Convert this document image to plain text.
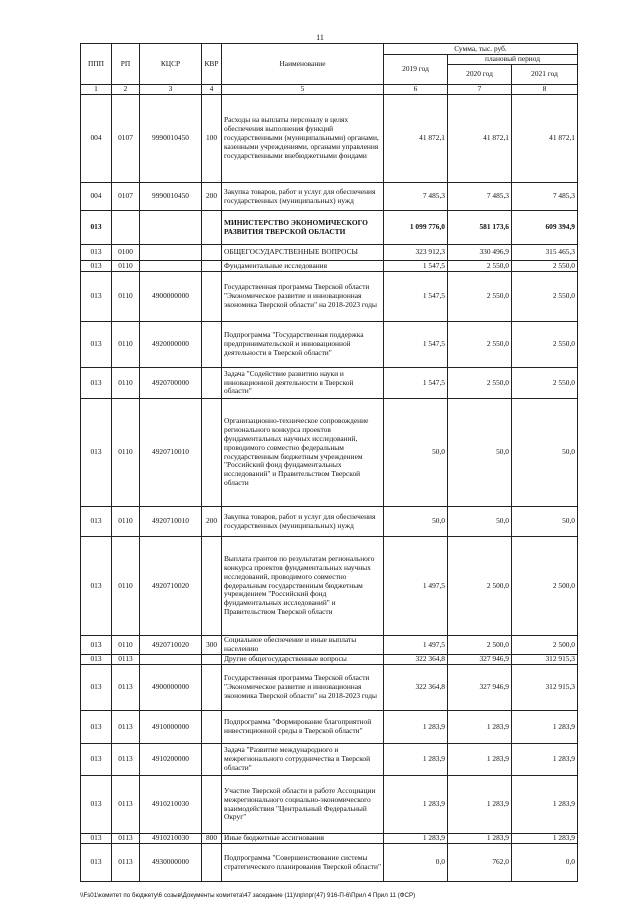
11
ППП	РП	КЦСР	КВР	Наименование	Сумма, тыс. руб.		
					2019 год	плановый период	
						2020 год	2021 год
1	2	3	4	5	6	7	8
004	0107	9990010450	100	Расходы на выплаты персоналу в целях обеспечения выполнения функций государственными (муниципальными) органами, казенными учреждениями, органами управления государственными внебюджетными фондами	41 872,1	41 872,1	41 872,1
004	0107	9990010450	200	Закупка товаров, работ и услуг для обеспечения государственных (муниципальных) нужд	7 485,3	7 485,3	7 485,3
013				МИНИСТЕРСТВО ЭКОНОМИЧЕСКОГО РАЗВИТИЯ ТВЕРСКОЙ ОБЛАСТИ	1 099 776,0	581 173,6	609 394,9
013	0100			ОБЩЕГОСУДАРСТВЕННЫЕ ВОПРОСЫ	323 912,3	330 496,9	315 465,3
013	0110			Фундаментальные исследования	1 547,5	2 550,0	2 550,0
013	0110	4900000000		Государственная программа Тверской области "Экономическое развитие и инновационная экономика Тверской области" на 2018-2023 годы	1 547,5	2 550,0	2 550,0
013	0110	4920000000		Подпрограмма "Государственная поддержка предпринимательской и инновационной деятельности в Тверской области"	1 547,5	2 550,0	2 550,0
013	0110	4920700000		Задача "Содействие развитию науки и инновационной деятельности в Тверской области"	1 547,5	2 550,0	2 550,0
013	0110	4920710010		Организационно-техническое сопровождение регионального конкурса проектов фундаментальных научных исследований, проводимого совместно федеральным государственным бюджетным учреждением "Российский фонд фундаментальных исследований" и Правительством Тверской области	50,0	50,0	50,0
013	0110	4920710010	200	Закупка товаров, работ и услуг для обеспечения государственных (муниципальных) нужд	50,0	50,0	50,0
013	0110	4920710020		Выплата грантов по результатам регионального конкурса проектов фундаментальных научных исследований, проводимого совместно федеральным государственным бюджетным учреждением "Российский фонд фундаментальных исследований" и Правительством Тверской области	1 497,5	2 500,0	2 500,0
013	0110	4920710020	300	Социальное обеспечение и иные выплаты населению	1 497,5	2 500,0	2 500,0
013	0113			Другие общегосударственные вопросы	322 364,8	327 946,9	312 915,3
013	0113	4900000000		Государственная программа Тверской области "Экономическое развитие и инновационная экономика Тверской области" на 2018-2023 годы	322 364,8	327 946,9	312 915,3
013	0113	4910000000		Подпрограмма "Формирование благоприятной инвестиционной среды в Тверской области"	1 283,9	1 283,9	1 283,9
013	0113	4910200000		Задача "Развитие международного и межрегионального сотрудничества в Тверской области"	1 283,9	1 283,9	1 283,9
013	0113	4910210030		Участие Тверской области в работе Ассоциации межрегионального социально-экономического взаимодействия "Центральный Федеральный Округ"	1 283,9	1 283,9	1 283,9
013	0113	4910210030	800	Иные бюджетные ассигнования	1 283,9	1 283,9	1 283,9
013	0113	4930000000		Подпрограмма "Совершенствование системы стратегического планирования Тверской области"	0,0	762,0	0,0
\\Fs01\комитет по бюджету\6 созыв\Документы комитета\47 заседание (11)\пр\прг(47) 916-П-6\Прил 4 Прил 11 (ФСР)
